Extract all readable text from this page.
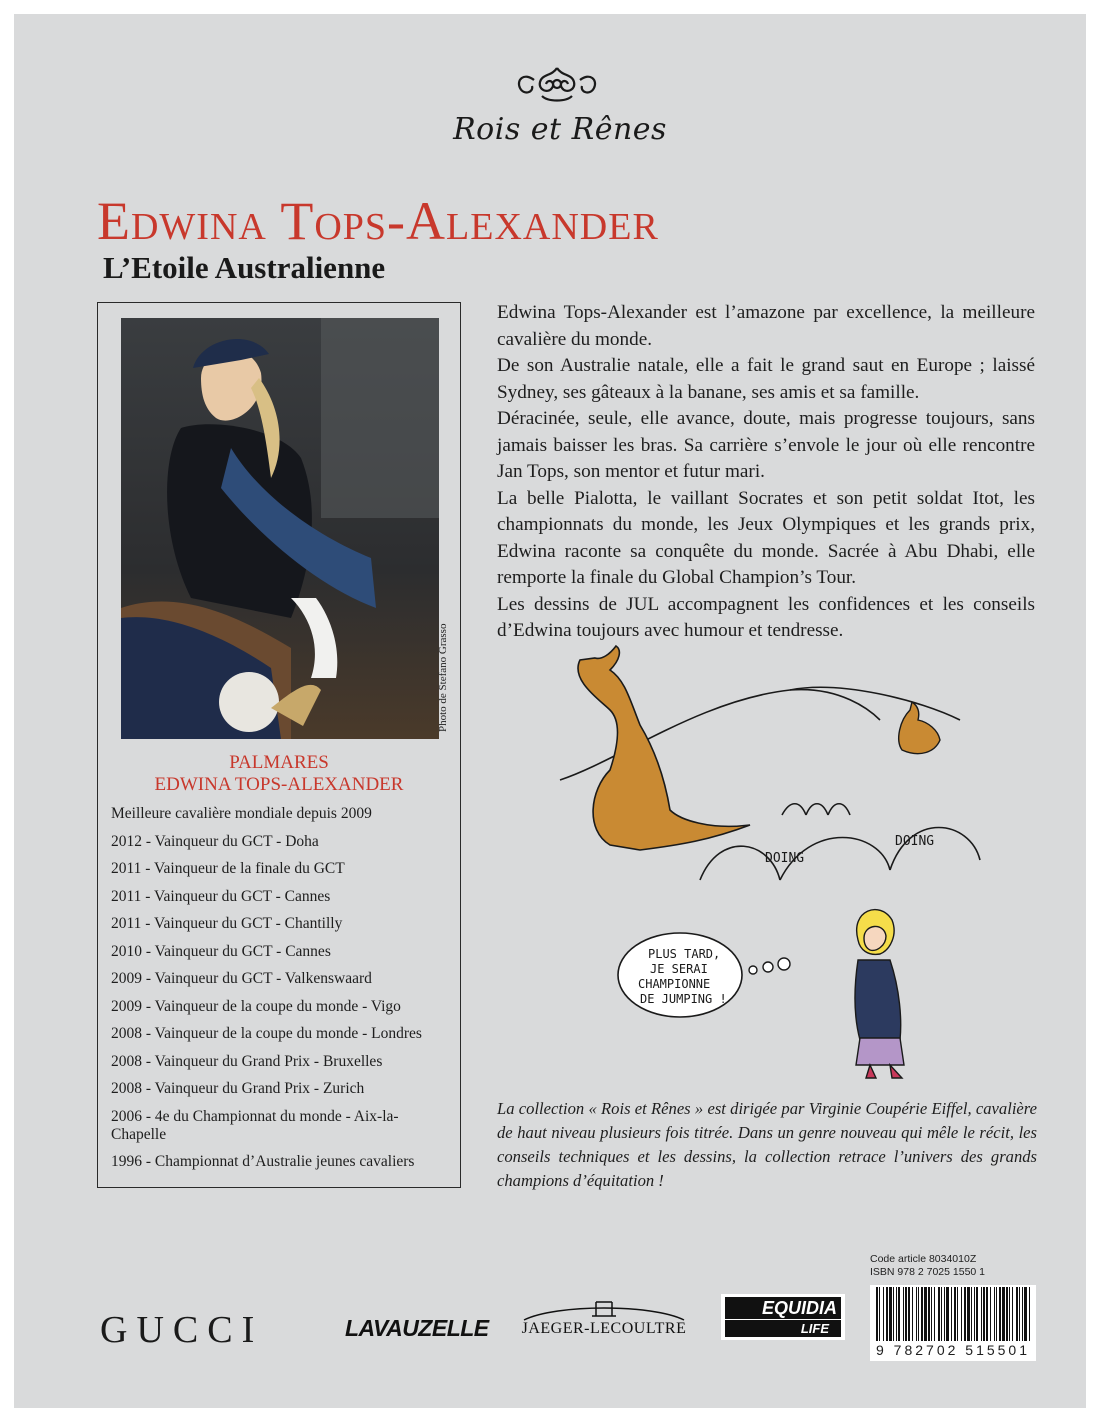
Rois et Rênes
Edwina Tops-Alexander
L’Etoile Australienne
Photo de Stefano Grasso
PALMARES
EDWINA TOPS-ALEXANDER
Meilleure cavalière mondiale depuis 2009
2012 - Vainqueur du GCT - Doha
2011 - Vainqueur de la finale du GCT
2011 - Vainqueur du GCT - Cannes
2011 - Vainqueur du GCT - Chantilly
2010 - Vainqueur du GCT - Cannes
2009 - Vainqueur du GCT - Valkenswaard
2009 - Vainqueur de la coupe du monde - Vigo
2008 - Vainqueur de la coupe du monde - Londres
2008 - Vainqueur du Grand Prix - Bruxelles
2008 - Vainqueur du Grand Prix - Zurich
2006 - 4e du Championnat du monde - Aix-la-Chapelle
1996 - Championnat d’Australie jeunes cavaliers

Edwina Tops-Alexander est l’amazone par excellence, la meilleure cavalière du monde.

De son Australie natale, elle a fait le grand saut en Europe ; laissé Sydney, ses gâteaux à la banane, ses amis et sa famille.

Déracinée, seule, elle avance, doute, mais progresse toujours, sans jamais baisser les bras. Sa carrière s’envole le jour où elle rencontre Jan Tops, son mentor et futur mari.

La belle Pialotta, le vaillant Socrates et son petit soldat Itot, les championnats du monde, les Jeux Olympiques et les grands prix, Edwina raconte sa conquête du monde. Sacrée à Abu Dhabi, elle remporte la finale du Global Champion’s Tour.

Les dessins de JUL accompagnent les confidences et les conseils d’Edwina toujours avec humour et tendresse.

DOING
DOING
PLUS TARD,
JE SERAI
CHAMPIONNE
DE JUMPING !
La collection « Rois et Rênes » est dirigée par Virginie Coupérie Eiffel, cavalière de haut niveau plusieurs fois titrée. Dans un genre nouveau qui mêle le récit, les conseils techniques et les dessins, la collection retrace l’univers des grands champions d’équitation !
Code article 8034010Z
ISBN 978 2 7025 1550 1
9 782702 515501
GUCCI	LAVAUZELLE	JAEGER-LECOULTRE
EQUIDIA
LIFE
